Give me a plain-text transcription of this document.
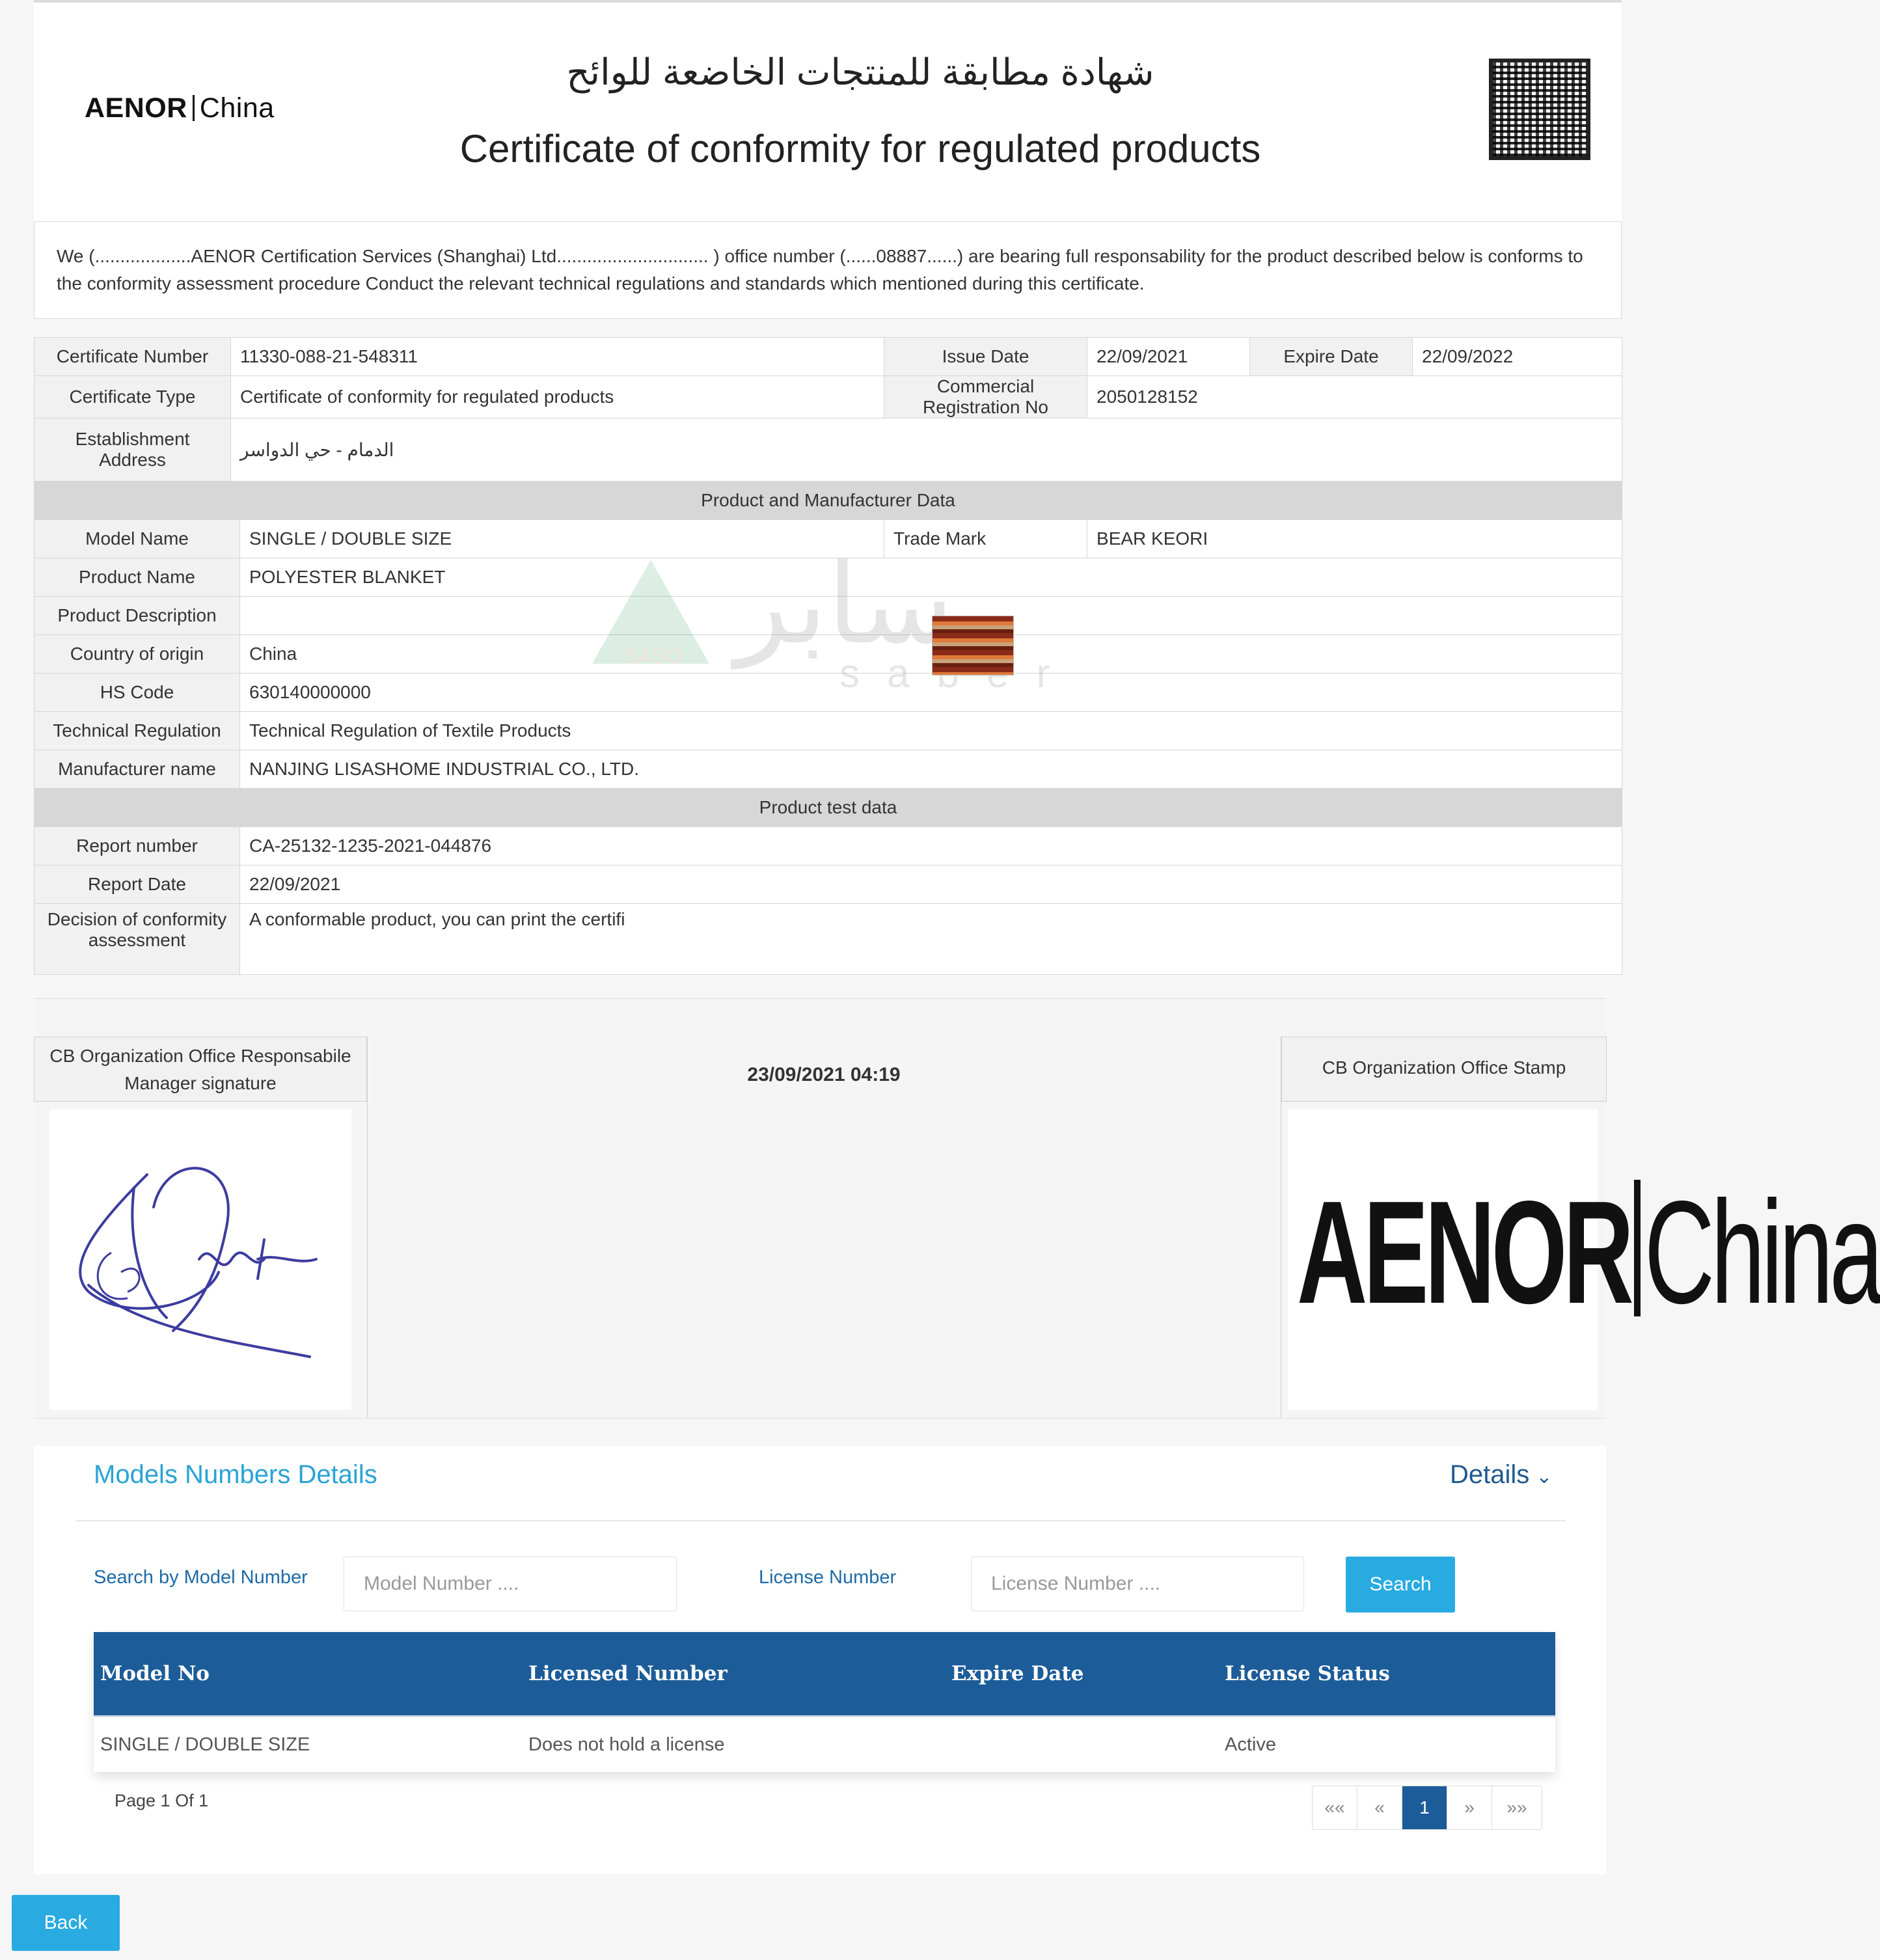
AENOR China
شهادة مطابقة للمنتجات الخاضعة للوائح
Certificate of conformity for regulated products
We (...................AENOR Certification Services (Shanghai) Ltd.............................. ) office number (......08887......) are bearing full responsability for the product described below is conforms to the conformity assessment procedure Conduct the relevant technical regulations and standards which mentioned during this certificate.
Certificate Number	11330-088-21-548311		Issue Date	22/09/2021	Expire Date	22/09/2022
Certificate Type	Certificate of conformity for regulated products		Commercial Registration No	2050128152		
Establishment Address	الدمام - حي الدواسر					
Product and Manufacturer Data						
Model Name		SINGLE / DOUBLE SIZE	Trade Mark	BEAR KEORI		
Product Name		POLYESTER BLANKET				
Product Description						
Country of origin		China				
HS Code		630140000000				
Technical Regulation		Technical Regulation of Textile Products				
Manufacturer name		NANJING LISASHOME INDUSTRIAL CO., LTD.				
Product test data						
Report number		CA-25132-1235-2021-044876				
Report Date		22/09/2021				
Decision of conformity assessment		A conformable product, you can print the certifi				
CB Organization Office Responsabile Manager signature	23/09/2021 04:19	CB Organization Office Stamp
AENOR China
Models Numbers Details	Details ⌄
Search by Model Number
Model Number ....	License Number
License Number ....	Search
Model No	Licensed Number	Expire Date	License Status
SINGLE / DOUBLE SIZE	Does not hold a license		Active
Page 1 Of 1	««	«	1	»	»»
Back
